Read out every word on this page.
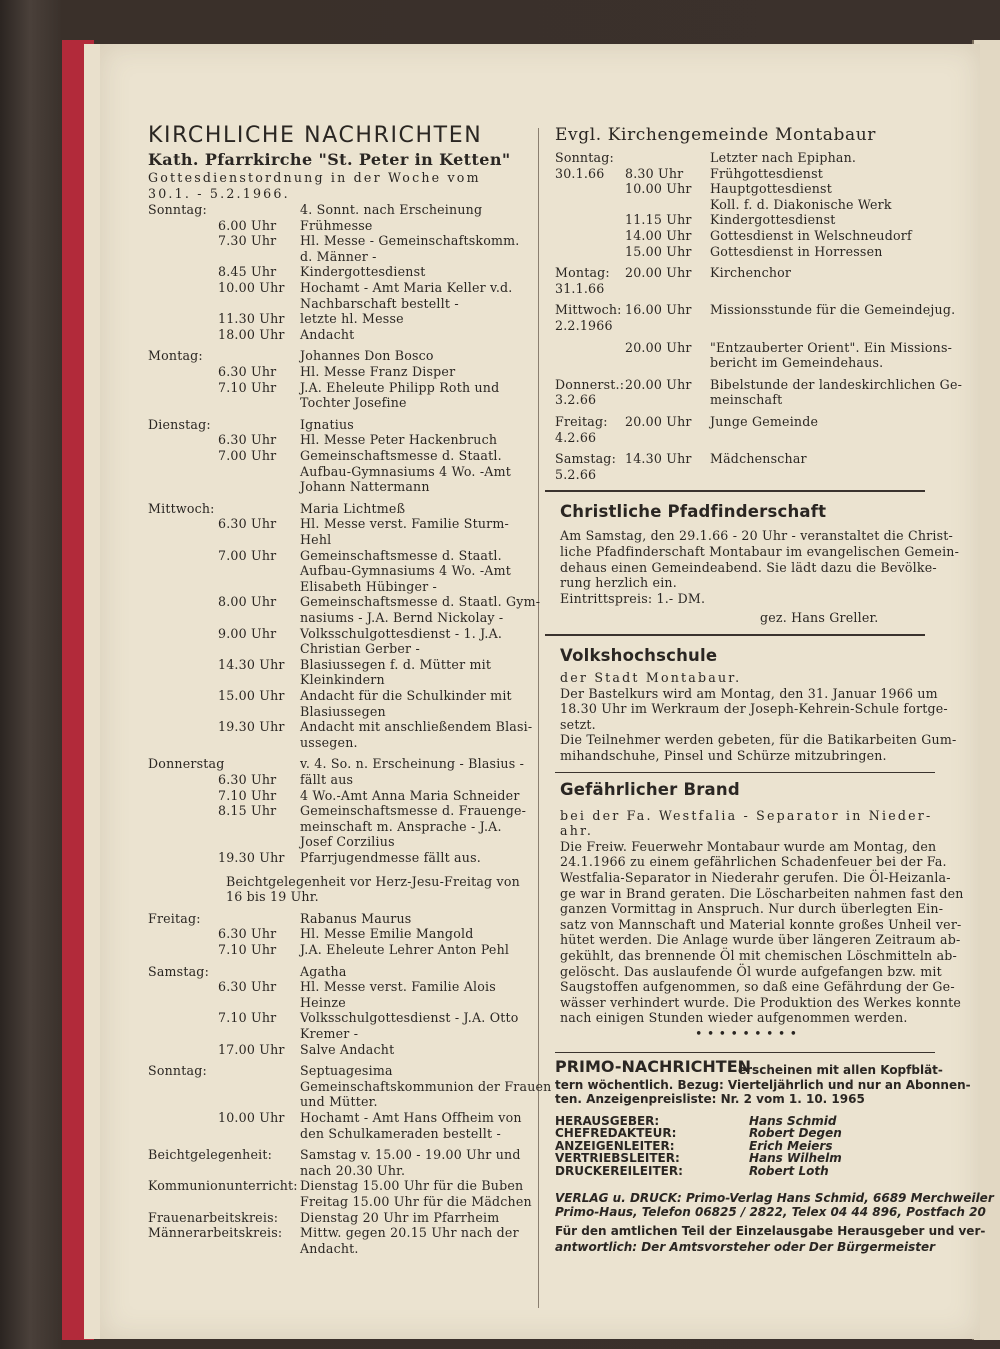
KIRCHLICHE NACHRICHTEN
Kath. Pfarrkirche "St. Peter in Ketten"
Gottesdienstordnung in der Woche vom
30.1. - 5.2.1966.
Sonntag:	4. Sonnt. nach Erscheinung
6.00 Uhr Frühmesse
7.30 Uhr Hl. Messe - Gemeinschaftskomm.
d. Männer -
8.45 Uhr Kindergottesdienst
10.00 Uhr Hochamt - Amt Maria Keller v.d.
Nachbarschaft bestellt -
11.30 Uhr letzte hl. Messe
18.00 Uhr Andacht
Montag:	Johannes Don Bosco
6.30 Uhr Hl. Messe Franz Disper
7.10 Uhr J.A. Eheleute Philipp Roth und
Tochter Josefine
Dienstag:	Ignatius
6.30 Uhr Hl. Messe Peter Hackenbruch
7.00 Uhr Gemeinschaftsmesse d. Staatl.
Aufbau-Gymnasiums 4 Wo. -Amt
Johann Nattermann
Mittwoch:	Maria Lichtmeß
6.30 Uhr Hl. Messe verst. Familie Sturm-
Hehl
7.00 Uhr Gemeinschaftsmesse d. Staatl.
Aufbau-Gymnasiums 4 Wo. -Amt
Elisabeth Hübinger -
8.00 Uhr Gemeinschaftsmesse d. Staatl. Gym-
nasiums - J.A. Bernd Nickolay -
9.00 Uhr Volksschulgottesdienst - 1. J.A.
Christian Gerber -
14.30 Uhr Blasiussegen f. d. Mütter mit
Kleinkindern
15.00 Uhr Andacht für die Schulkinder mit
Blasiussegen
19.30 Uhr Andacht mit anschließendem Blasi-
ussegen.
Donnerstag	v. 4. So. n. Erscheinung - Blasius -
6.30 Uhr fällt aus
7.10 Uhr 4 Wo.-Amt Anna Maria Schneider
8.15 Uhr Gemeinschaftsmesse d. Frauenge-
meinschaft m. Ansprache - J.A.
Josef Corzilius
19.30 Uhr Pfarrjugendmesse fällt aus.
Beichtgelegenheit vor Herz-Jesu-Freitag von
16 bis 19 Uhr.
Freitag:	Rabanus Maurus
6.30 Uhr Hl. Messe Emilie Mangold
7.10 Uhr J.A. Eheleute Lehrer Anton Pehl
Samstag:	Agatha
6.30 Uhr Hl. Messe verst. Familie Alois
Heinze
7.10 Uhr Volksschulgottesdienst - J.A. Otto
Kremer -
17.00 Uhr Salve Andacht
Sonntag:	Septuagesima
Gemeinschaftskommunion der Frauen
und Mütter.
10.00 Uhr Hochamt - Amt Hans Offheim von
den Schulkameraden bestellt -
Beichtgelegenheit: Samstag v. 15.00 - 19.00 Uhr und
nach 20.30 Uhr.
Kommunionunterricht: Dienstag 15.00 Uhr für die Buben
Freitag 15.00 Uhr für die Mädchen
Frauenarbeitskreis: Dienstag 20 Uhr im Pfarrheim
Männerarbeitskreis: Mittw. gegen 20.15 Uhr nach der
Andacht.
Evgl. Kirchengemeinde Montabaur
Sonntag:	Letzter nach Epiphan.
30.1.66 8.30 Uhr Frühgottesdienst
10.00 Uhr Hauptgottesdienst
Koll. f. d. Diakonische Werk
11.15 Uhr Kindergottesdienst
14.00 Uhr Gottesdienst in Welschneudorf
15.00 Uhr Gottesdienst in Horressen
Montag: 20.00 Uhr Kirchenchor
31.1.66
Mittwoch: 16.00 Uhr Missionsstunde für die Gemeindejug.
2.2.1966
20.00 Uhr "Entzauberter Orient". Ein Missions-
bericht im Gemeindehaus.
Donnerst.: 20.00 Uhr Bibelstunde der landeskirchlichen Ge-
meinschaft
3.2.66
Freitag: 20.00 Uhr Junge Gemeinde
4.2.66
Samstag: 14.30 Uhr Mädchenschar
5.2.66
Christliche Pfadfinderschaft
Am Samstag, den 29.1.66 - 20 Uhr - veranstaltet die Christ-
liche Pfadfinderschaft Montabaur im evangelischen Gemein-
dehaus einen Gemeindeabend. Sie lädt dazu die Bevölke-
rung herzlich ein.
Eintrittspreis: 1.- DM.
gez. Hans Greller.
Volkshochschule
der Stadt Montabaur.
Der Bastelkurs wird am Montag, den 31. Januar 1966 um
18.30 Uhr im Werkraum der Joseph-Kehrein-Schule fortge-
setzt.
Die Teilnehmer werden gebeten, für die Batikarbeiten Gum-
mihandschuhe, Pinsel und Schürze mitzubringen.
Gefährlicher Brand
bei der Fa. Westfalia - Separator in Nieder-
ahr.
Die Freiw. Feuerwehr Montabaur wurde am Montag, den
24.1.1966 zu einem gefährlichen Schadenfeuer bei der Fa.
Westfalia-Separator in Niederahr gerufen. Die Öl-Heizanla-
ge war in Brand geraten. Die Löscharbeiten nahmen fast den
ganzen Vormittag in Anspruch. Nur durch überlegten Ein-
satz von Mannschaft und Material konnte großes Unheil ver-
hütet werden. Die Anlage wurde über längeren Zeitraum ab-
gekühlt, das brennende Öl mit chemischen Löschmitteln ab-
gelöscht. Das auslaufende Öl wurde aufgefangen bzw. mit
Saugstoffen aufgenommen, so daß eine Gefährdung der Ge-
wässer verhindert wurde. Die Produktion des Werkes konnte
nach einigen Stunden wieder aufgenommen werden.
• • • • • • • • •
PRIMO-NACHRICHTEN
erscheinen mit allen Kopfblät-
tern wöchentlich. Bezug: Vierteljährlich und nur an Abonnen-
ten. Anzeigenpreisliste: Nr. 2 vom 1. 10. 1965
HERAUSGEBER:	Hans Schmid
CHEFREDAKTEUR:	Robert Degen
ANZEIGENLEITER:	Erich Meiers
VERTRIEBSLEITER:	Hans Wilhelm
DRUCKEREILEITER:	Robert Loth
VERLAG u. DRUCK: Primo-Verlag Hans Schmid, 6689 Merchweiler
Primo-Haus, Telefon 06825 / 2822, Telex 04 44 896, Postfach 20
Für den amtlichen Teil der Einzelausgabe Herausgeber und ver-
antwortlich: Der Amtsvorsteher oder Der Bürgermeister
